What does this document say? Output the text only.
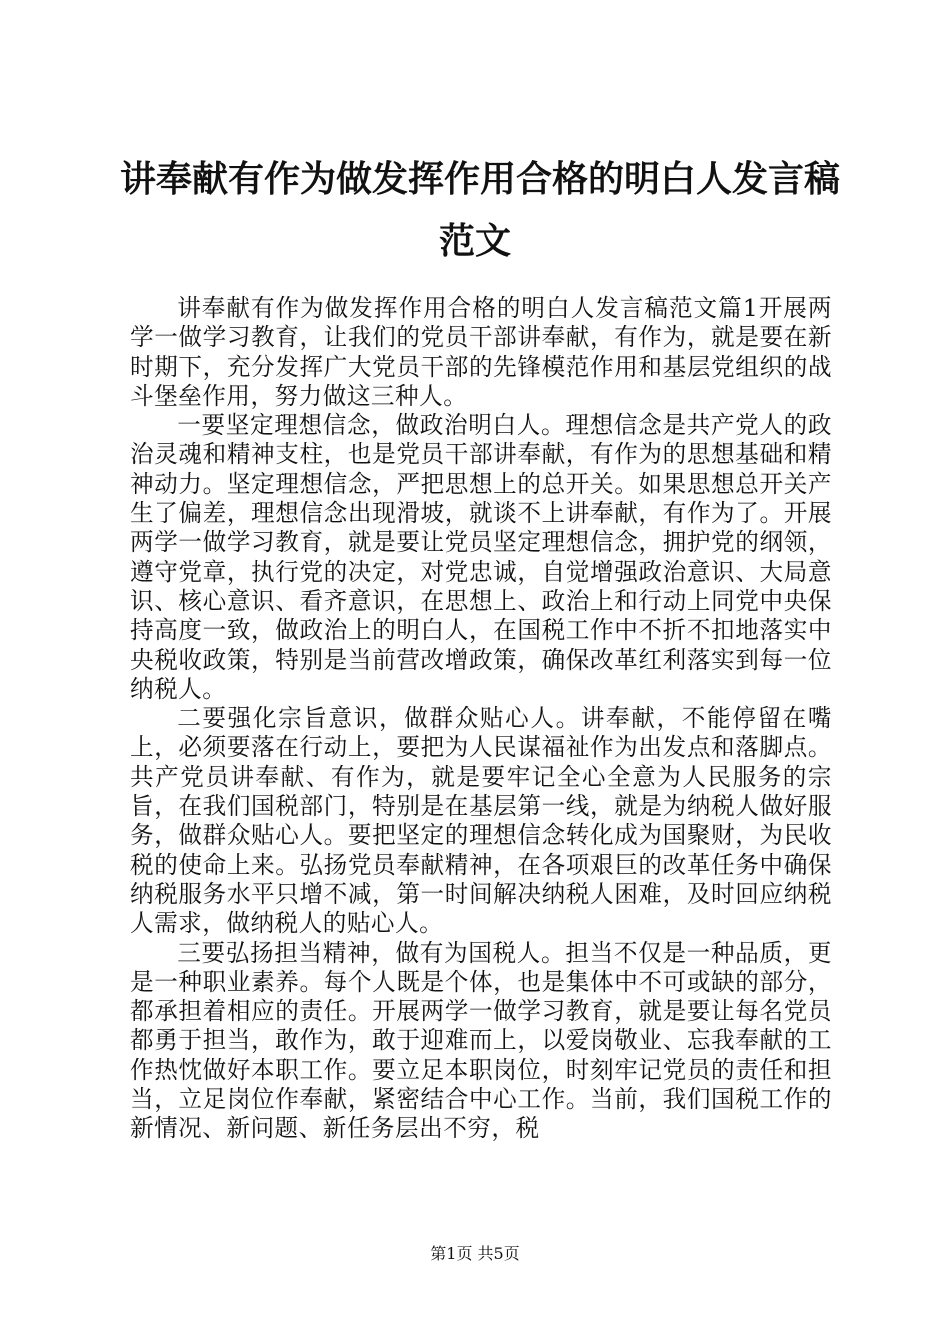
讲奉献有作为做发挥作用合格的明白人发言稿
范文

讲奉献有作为做发挥作用合格的明白人发言稿范文篇1开展两学一做学习教育，让我们的党员干部讲奉献，有作为，就是要在新时期下，充分发挥广大党员干部的先锋模范作用和基层党组织的战斗堡垒作用，努力做这三种人。

一要坚定理想信念，做政治明白人。理想信念是共产党人的政治灵魂和精神支柱，也是党员干部讲奉献，有作为的思想基础和精神动力。坚定理想信念，严把思想上的总开关。如果思想总开关产生了偏差，理想信念出现滑坡，就谈不上讲奉献，有作为了。开展两学一做学习教育，就是要让党员坚定理想信念，拥护党的纲领，遵守党章，执行党的决定，对党忠诚，自觉增强政治意识、大局意识、核心意识、看齐意识，在思想上、政治上和行动上同党中央保持高度一致，做政治上的明白人，在国税工作中不折不扣地落实中央税收政策，特别是当前营改增政策，确保改革红利落实到每一位纳税人。

二要强化宗旨意识，做群众贴心人。讲奉献，不能停留在嘴上，必须要落在行动上，要把为人民谋福祉作为出发点和落脚点。共产党员讲奉献、有作为，就是要牢记全心全意为人民服务的宗旨，在我们国税部门，特别是在基层第一线，就是为纳税人做好服务，做群众贴心人。要把坚定的理想信念转化成为国聚财，为民收税的使命上来。弘扬党员奉献精神，在各项艰巨的改革任务中确保纳税服务水平只增不减，第一时间解决纳税人困难，及时回应纳税人需求，做纳税人的贴心人。

三要弘扬担当精神，做有为国税人。担当不仅是一种品质，更是一种职业素养。每个人既是个体，也是集体中不可或缺的部分，都承担着相应的责任。开展两学一做学习教育，就是要让每名党员都勇于担当，敢作为，敢于迎难而上，以爱岗敬业、忘我奉献的工作热忱做好本职工作。要立足本职岗位，时刻牢记党员的责任和担当，立足岗位作奉献，紧密结合中心工作。当前，我们国税工作的新情况、新问题、新任务层出不穷，税

第1页 共5页
